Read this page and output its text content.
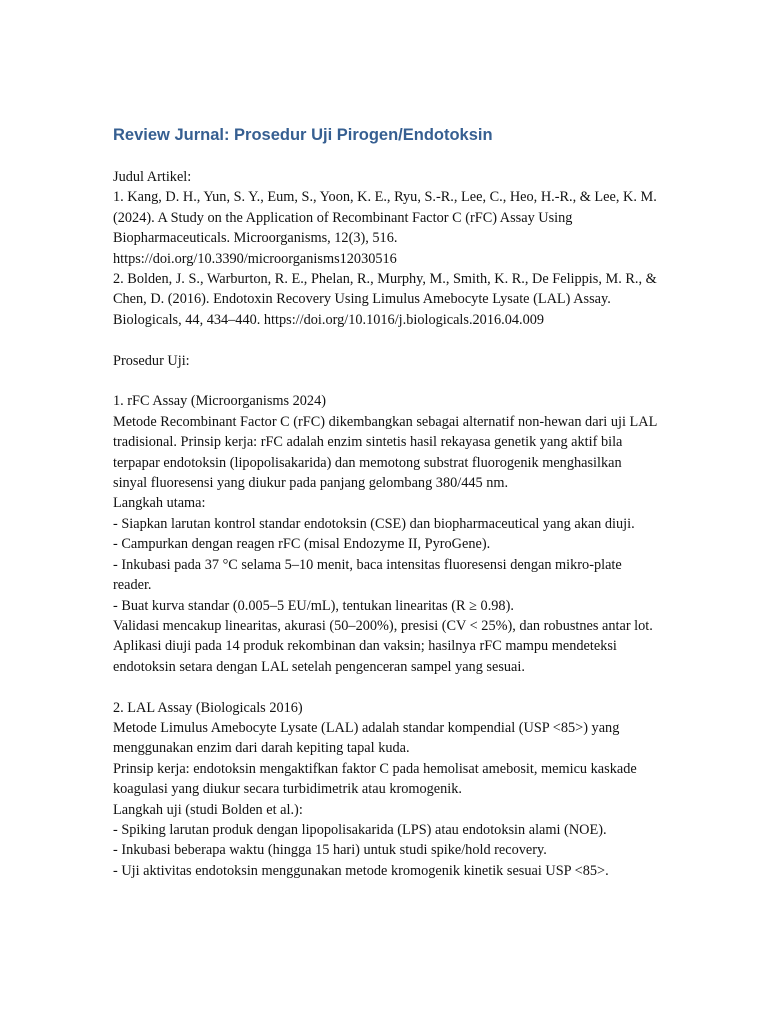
Review Jurnal: Prosedur Uji Pirogen/Endotoksin

Judul Artikel:

1. Kang, D. H., Yun, S. Y., Eum, S., Yoon, K. E., Ryu, S.-R., Lee, C., Heo, H.-R., & Lee, K. M. (2024). A Study on the Application of Recombinant Factor C (rFC) Assay Using Biopharmaceuticals. Microorganisms, 12(3), 516. https://doi.org/10.3390/microorganisms12030516

2. Bolden, J. S., Warburton, R. E., Phelan, R., Murphy, M., Smith, K. R., De Felippis, M. R., & Chen, D. (2016). Endotoxin Recovery Using Limulus Amebocyte Lysate (LAL) Assay. Biologicals, 44, 434–440. https://doi.org/10.1016/j.biologicals.2016.04.009

Prosedur Uji:

1. rFC Assay (Microorganisms 2024)

Metode Recombinant Factor C (rFC) dikembangkan sebagai alternatif non-hewan dari uji LAL tradisional. Prinsip kerja: rFC adalah enzim sintetis hasil rekayasa genetik yang aktif bila terpapar endotoksin (lipopolisakarida) dan memotong substrat fluorogenik menghasilkan sinyal fluoresensi yang diukur pada panjang gelombang 380/445 nm.

Langkah utama:

- Siapkan larutan kontrol standar endotoksin (CSE) dan biopharmaceutical yang akan diuji.

- Campurkan dengan reagen rFC (misal Endozyme II, PyroGene).

- Inkubasi pada 37 °C selama 5–10 menit, baca intensitas fluoresensi dengan mikro-plate reader.

- Buat kurva standar (0.005–5 EU/mL), tentukan linearitas (R ≥ 0.98).

Validasi mencakup linearitas, akurasi (50–200%), presisi (CV < 25%), dan robustnes antar lot.

Aplikasi diuji pada 14 produk rekombinan dan vaksin; hasilnya rFC mampu mendeteksi endotoksin setara dengan LAL setelah pengenceran sampel yang sesuai.

2. LAL Assay (Biologicals 2016)

Metode Limulus Amebocyte Lysate (LAL) adalah standar kompendial (USP <85>) yang menggunakan enzim dari darah kepiting tapal kuda.

Prinsip kerja: endotoksin mengaktifkan faktor C pada hemolisat amebosit, memicu kaskade koagulasi yang diukur secara turbidimetrik atau kromogenik.

Langkah uji (studi Bolden et al.):

- Spiking larutan produk dengan lipopolisakarida (LPS) atau endotoksin alami (NOE).

- Inkubasi beberapa waktu (hingga 15 hari) untuk studi spike/hold recovery.

- Uji aktivitas endotoksin menggunakan metode kromogenik kinetik sesuai USP <85>.
